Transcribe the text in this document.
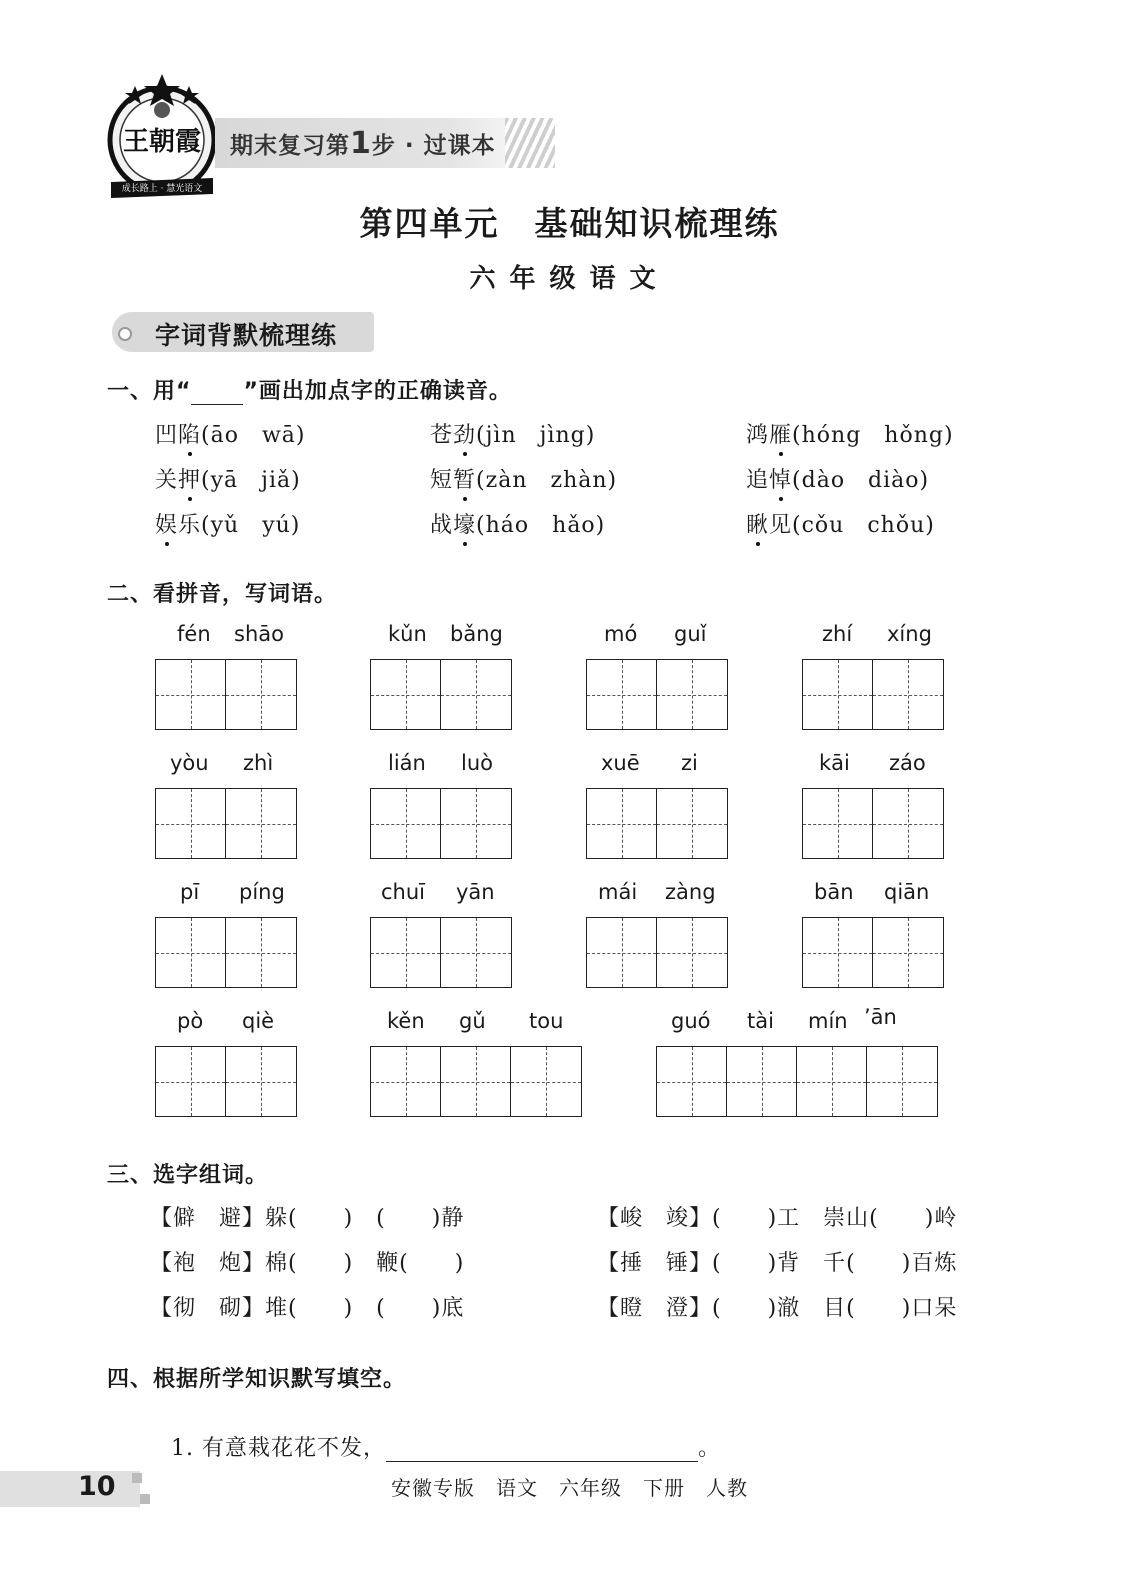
成长路上 · 慧光语文
王朝霞 期末复习第1步 · 过课本
第四单元　基础知识梳理练
六年级语文
字词背默梳理练
一、用“ ”画出加点字的正确读音。
凹陷(āo　wā)	苍劲(jìn　jìng)	鸿雁(hóng　hǒng)
关押(yā　jiǎ)	短暂(zàn　zhàn)	追悼(dào　diào)
娱乐(yǔ　yú)	战壕(háo　hǎo)	瞅见(cǒu　chǒu)
二、看拼音，写词语。
fén shāo	kǔn bǎng	mó guǐ	zhí xíng
yòu zhì	lián luò	xuē zi	kāi záo
pī píng	chuī yān	mái zàng	bān qiān
pò qiè	kěn gǔ tou	guó tài mín ’ān
三、选字组词。
【僻　避】躲(　　)　(　　)静	【峻　竣】(　　)工　崇山(　　)岭
【袍　炮】棉(　　)　鞭(　　)	【捶　锤】(　　)背　千(　　)百炼
【彻　砌】堆(　　)　(　　)底	【瞪　澄】(　　)澈　目(　　)口呆
四、根据所学知识默写填空。

1. 有意栽花花不发，	。

10	安徽专版　语文　六年级　下册　人教
